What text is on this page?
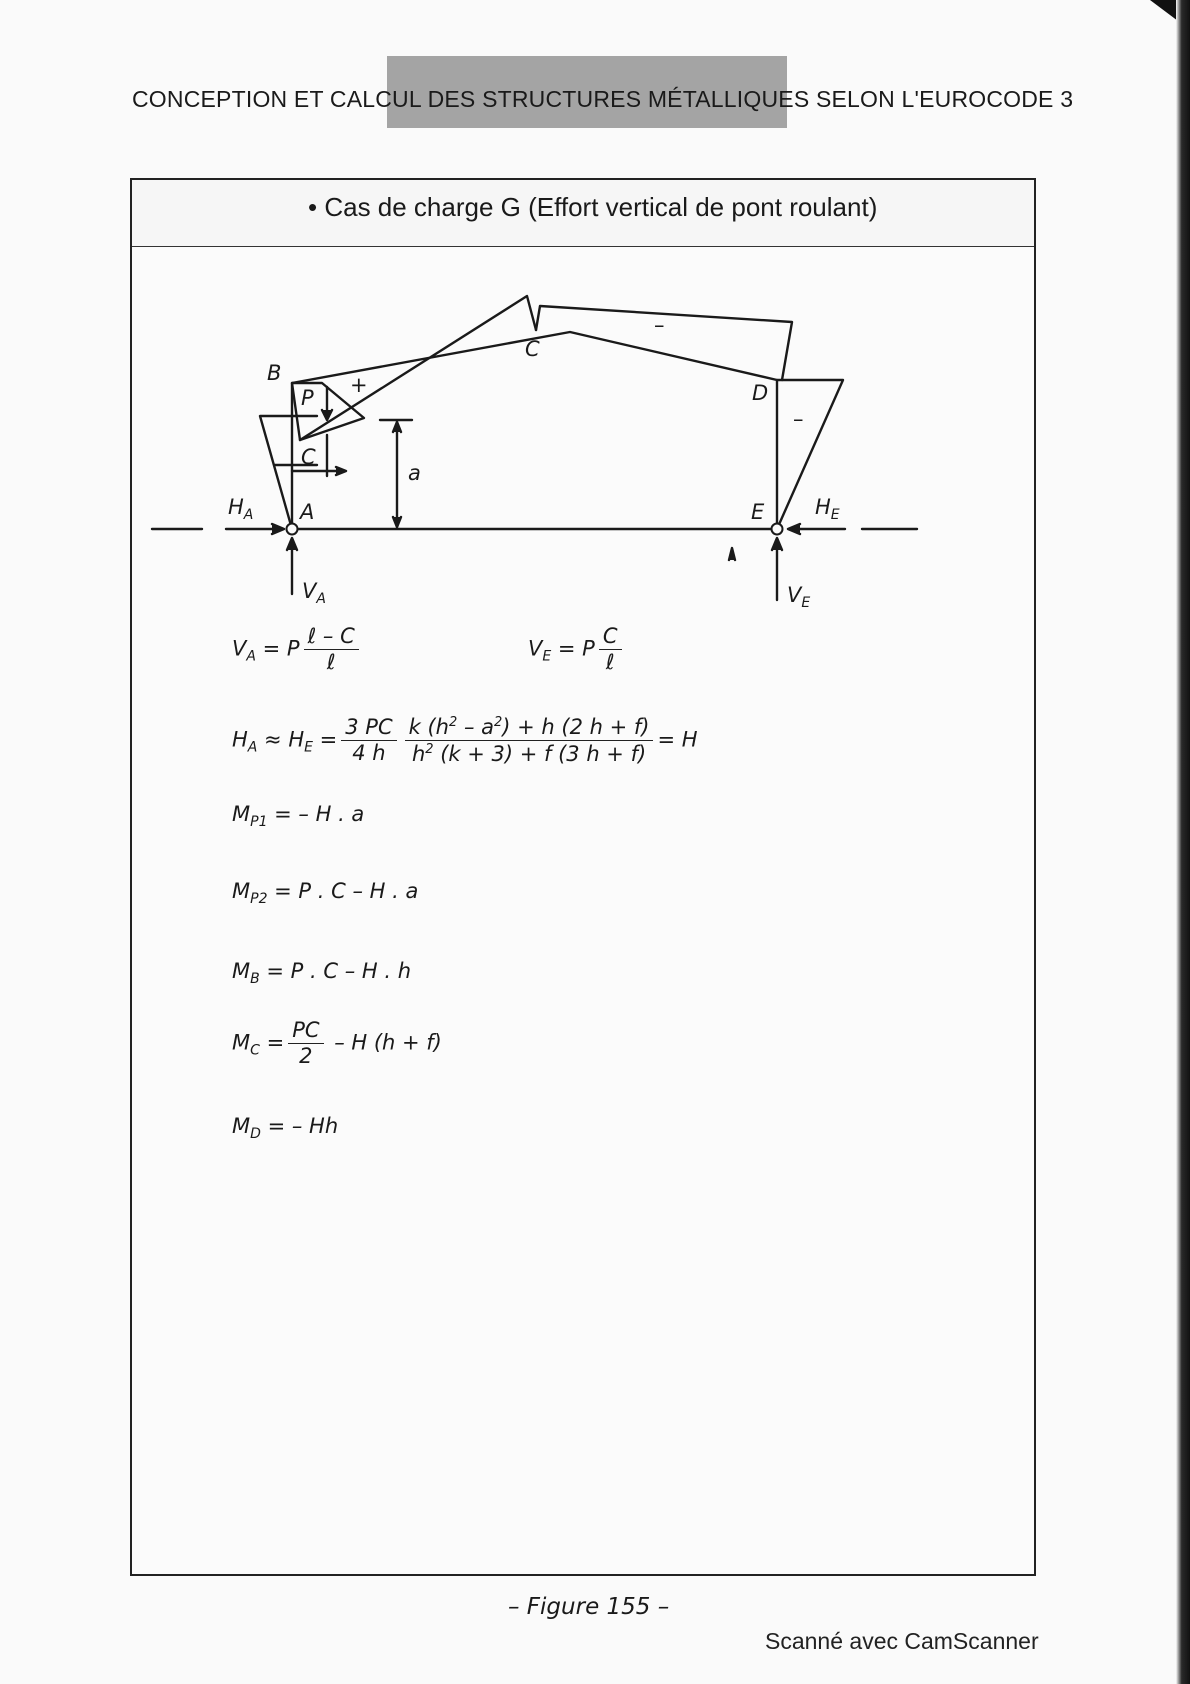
CONCEPTION ET CALCUL DES STRUCTURES MÉTALLIQUES SELON L'EUROCODE 3
• Cas de charge G (Effort vertical de pont roulant)
B
C
D
A	E
P
C
a
+
–
–
$H_A$	$H_E$
$V_A$	$V_E$
$V_A = P \frac{\text{ℓ – C}}{\text{ℓ}}$	$V_E = P \frac{C}{\text{ℓ}}$
$H_A \approx H_E = \frac{3 PC}{4 h} \frac{k (h^2 - a^2) + h (2 h + f)}{h^2 (k + 3) + f (3 h + f)} = H$
$M_{P1}$ = – H . a
$M_{P2} = P$ . C – H . a
$M_B = P$ . C – H . h
$M_C = \frac{PC}{2} - H$ (h + f)
$M_D$ = – Hh
– Figure 155 –
Scanné avec CamScanner
